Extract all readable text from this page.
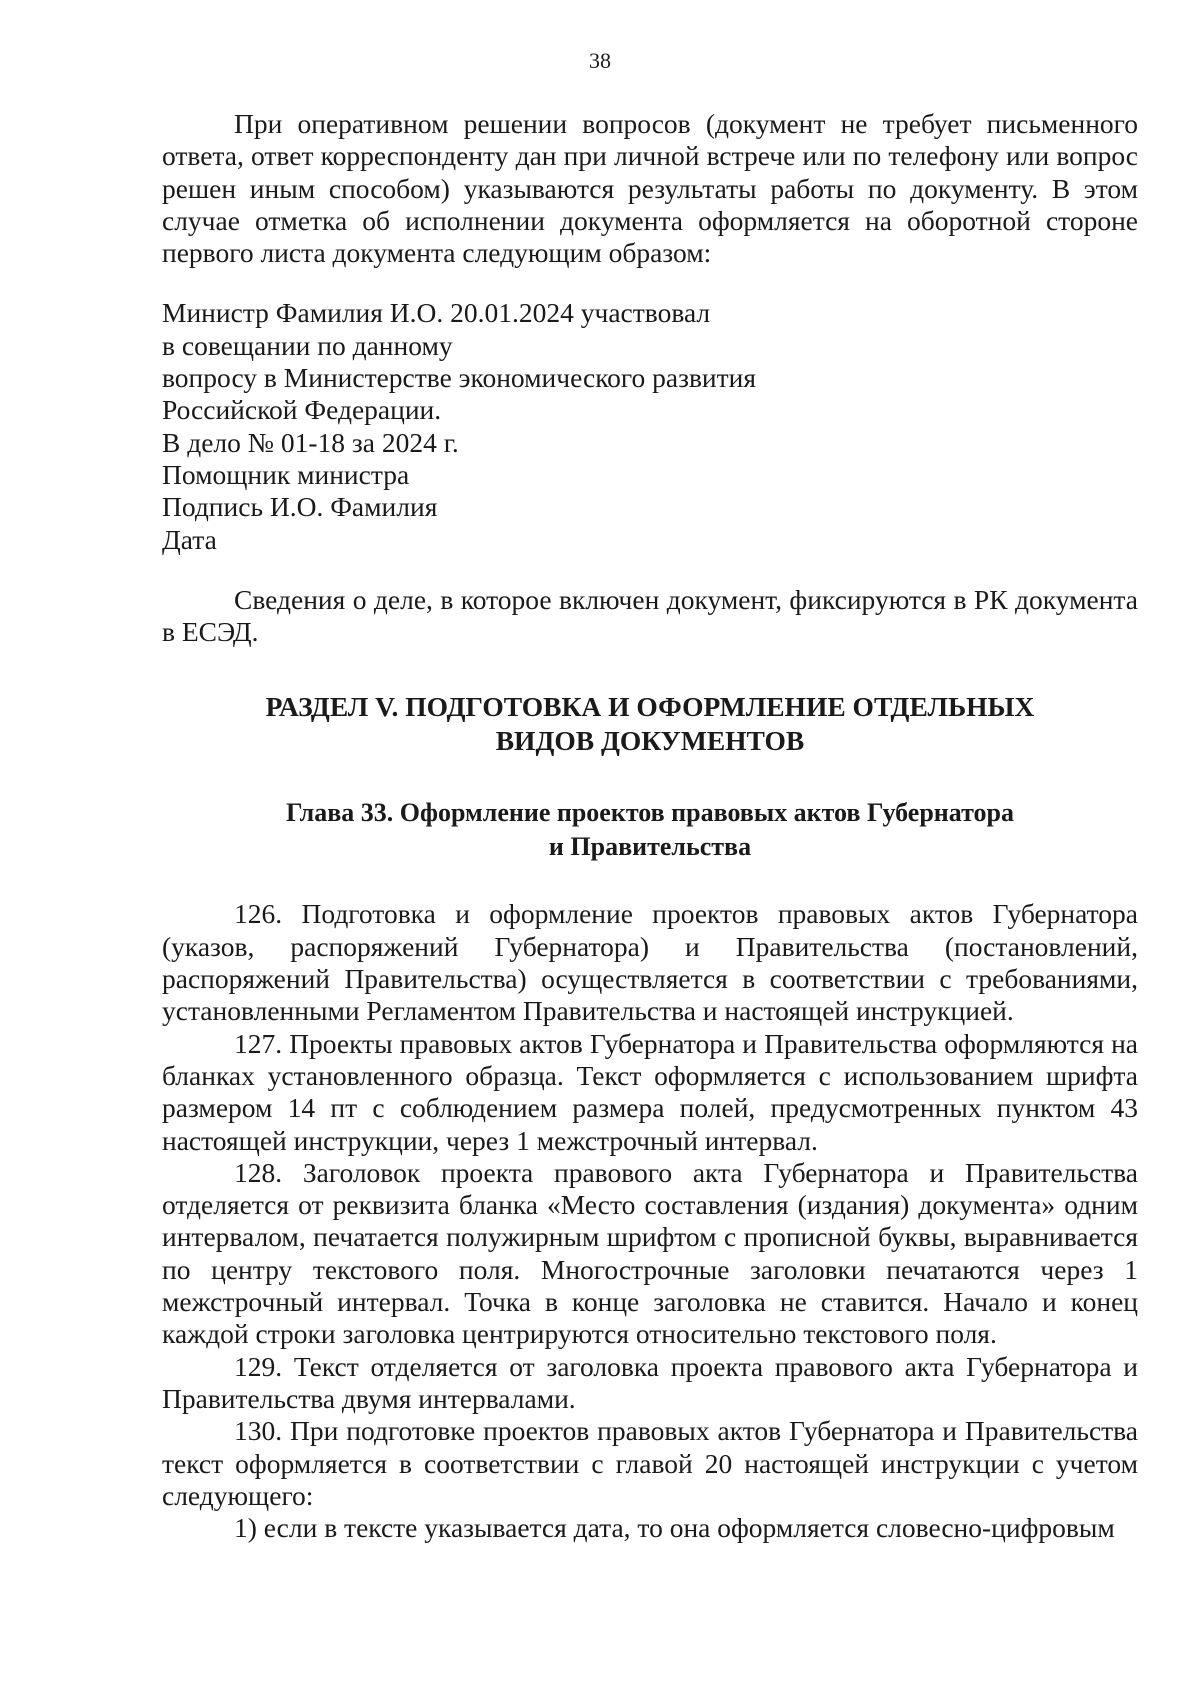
38

При оперативном решении вопросов (документ не требует письменного ответа, ответ корреспонденту дан при личной встрече или по телефону или вопрос решен иным способом) указываются результаты работы по документу. В этом случае отметка об исполнении документа оформляется на оборотной стороне первого листа документа следующим образом:

Министр Фамилия И.О. 20.01.2024 участвовал
в совещании по данному
вопросу в Министерстве экономического развития
Российской Федерации.
В дело № 01-18 за 2024 г.
Помощник министра
Подпись И.О. Фамилия
Дата

Сведения о деле, в которое включен документ, фиксируются в РК документа в ЕСЭД.

РАЗДЕЛ V. ПОДГОТОВКА И ОФОРМЛЕНИЕ ОТДЕЛЬНЫХ
ВИДОВ ДОКУМЕНТОВ
Глава 33. Оформление проектов правовых актов Губернатора
и Правительства

126. Подготовка и оформление проектов правовых актов Губернатора (указов, распоряжений Губернатора) и Правительства (постановлений, распоряжений Правительства) осуществляется в соответствии с требованиями, установленными Регламентом Правительства и настоящей инструкцией.

127. Проекты правовых актов Губернатора и Правительства оформляются на бланках установленного образца. Текст оформляется с использованием шрифта размером 14 пт с соблюдением размера полей, предусмотренных пунктом 43 настоящей инструкции, через 1 межстрочный интервал.

128. Заголовок проекта правового акта Губернатора и Правительства отделяется от реквизита бланка «Место составления (издания) документа» одним интервалом, печатается полужирным шрифтом с прописной буквы, выравнивается по центру текстового поля. Многострочные заголовки печатаются через 1 межстрочный интервал. Точка в конце заголовка не ставится. Начало и конец каждой строки заголовка центрируются относительно текстового поля.

129. Текст отделяется от заголовка проекта правового акта Губернатора и Правительства двумя интервалами.

130. При подготовке проектов правовых актов Губернатора и Правительства текст оформляется в соответствии с главой 20 настоящей инструкции с учетом следующего:

1) если в тексте указывается дата, то она оформляется словесно-цифровым
